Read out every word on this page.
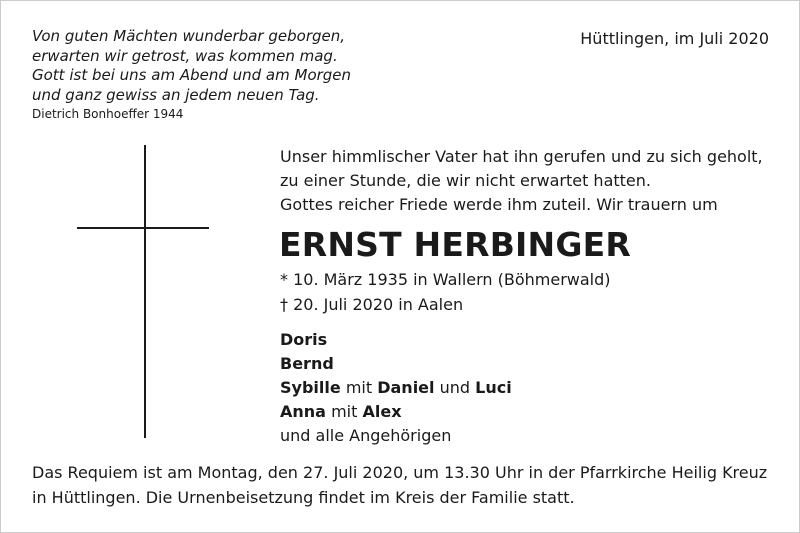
Von guten Mächten wunderbar geborgen,
erwarten wir getrost, was kommen mag.
Gott ist bei uns am Abend und am Morgen
und ganz gewiss an jedem neuen Tag.
Dietrich Bonhoeffer 1944
Hüttlingen, im Juli 2020
Unser himmlischer Vater hat ihn gerufen und zu sich geholt,
zu einer Stunde, die wir nicht erwartet hatten.
Gottes reicher Friede werde ihm zuteil. Wir trauern um
ERNST HERBINGER
* 10. März 1935 in Wallern (Böhmerwald)
† 20. Juli 2020 in Aalen
Doris
Bernd
Sybille mit Daniel und Luci
Anna mit Alex
und alle Angehörigen
Das Requiem ist am Montag, den 27. Juli 2020, um 13.30 Uhr in der Pfarrkirche Heilig Kreuz
in Hüttlingen. Die Urnenbeisetzung findet im Kreis der Familie statt.
